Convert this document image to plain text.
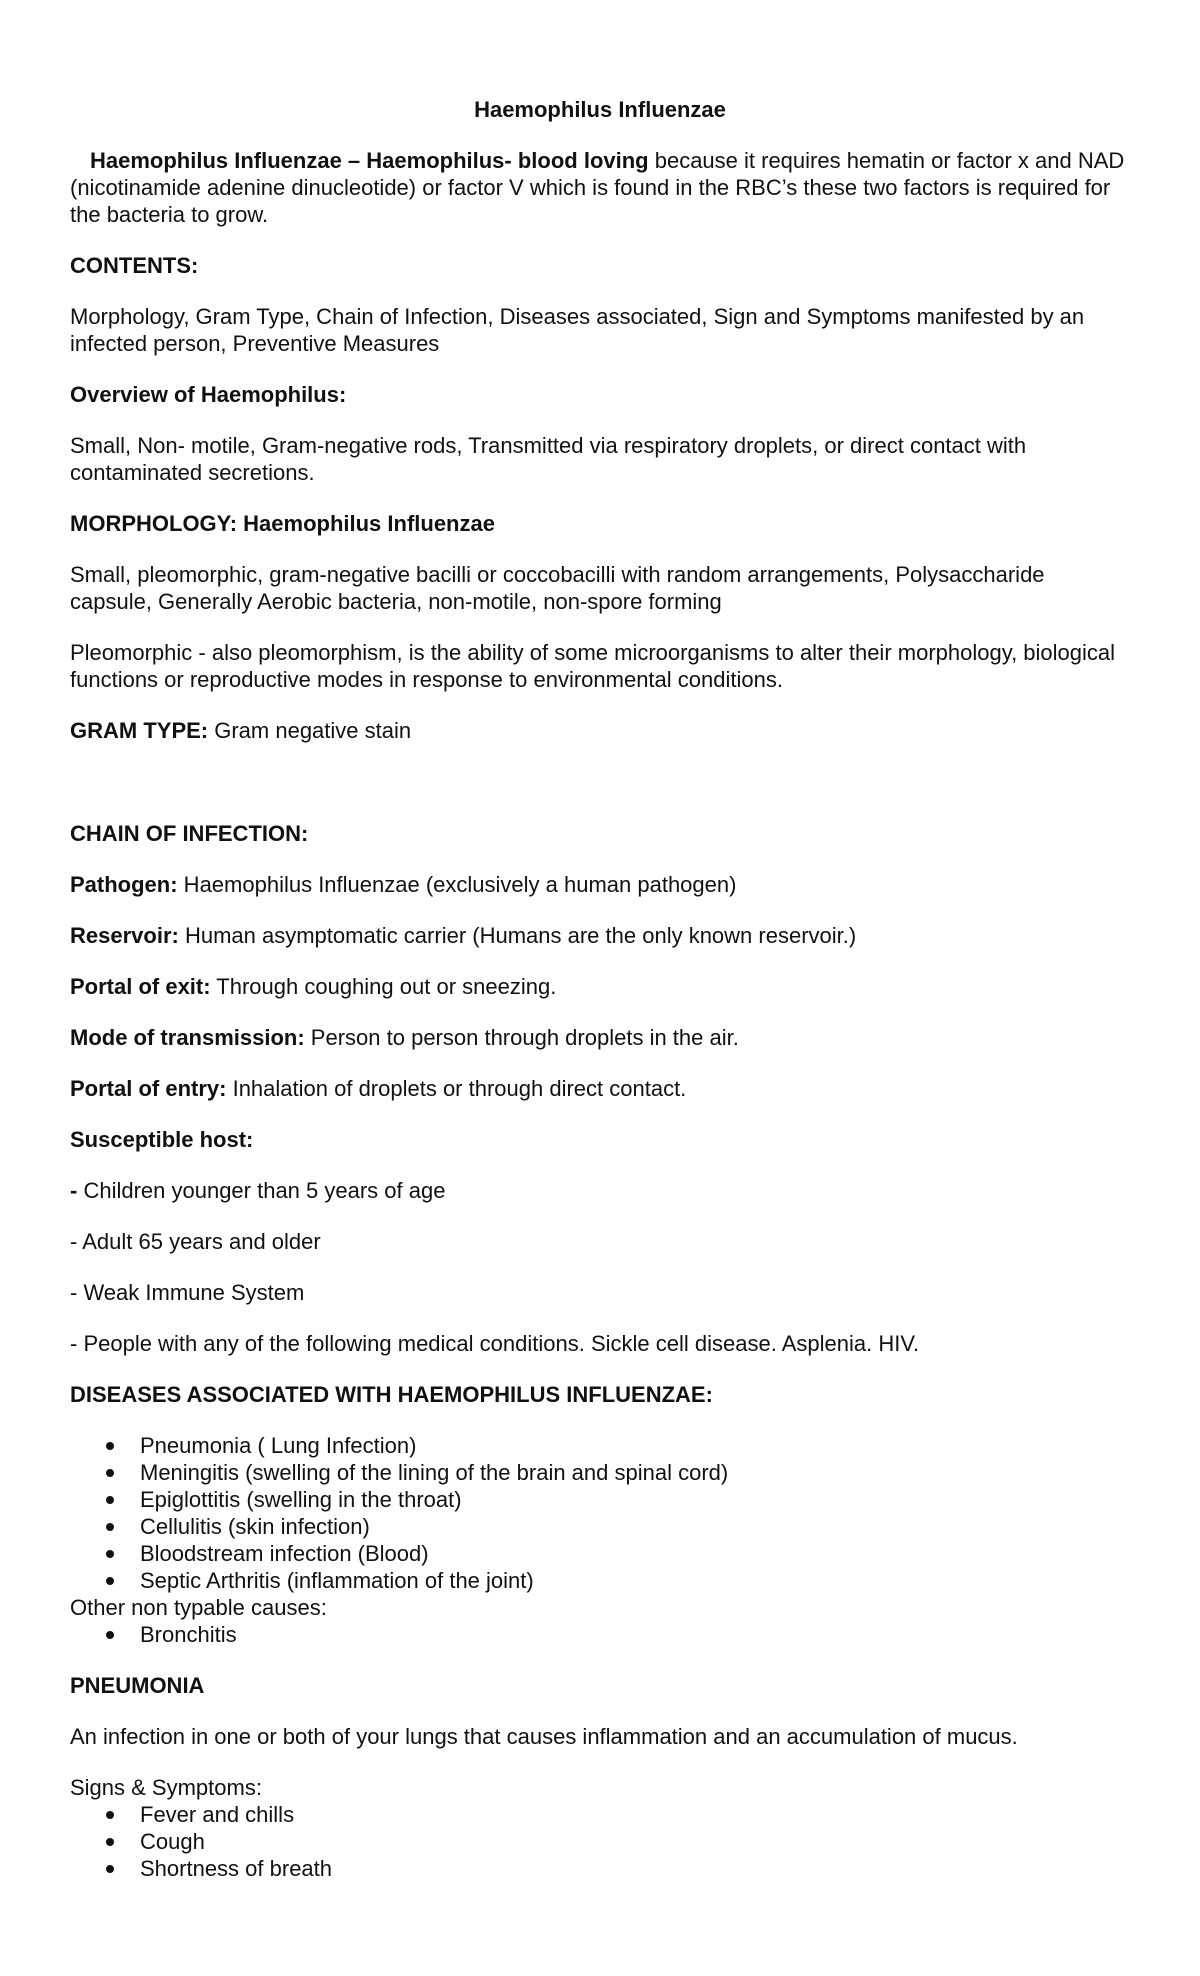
Haemophilus Influenzae

Haemophilus Influenzae – Haemophilus- blood loving because it requires hematin or factor x and NAD (nicotinamide adenine dinucleotide) or factor V which is found in the RBC’s these two factors is required for the bacteria to grow.

CONTENTS:

Morphology, Gram Type, Chain of Infection, Diseases associated, Sign and Symptoms manifested by an infected person, Preventive Measures

Overview of Haemophilus:

Small, Non- motile, Gram-negative rods, Transmitted via respiratory droplets, or direct contact with contaminated secretions.

MORPHOLOGY: Haemophilus Influenzae

Small, pleomorphic, gram-negative bacilli or coccobacilli with random arrangements, Polysaccharide capsule, Generally Aerobic bacteria, non-motile, non-spore forming

Pleomorphic - also pleomorphism, is the ability of some microorganisms to alter their morphology, biological functions or reproductive modes in response to environmental conditions.

GRAM TYPE: Gram negative stain

CHAIN OF INFECTION:

Pathogen: Haemophilus Influenzae (exclusively a human pathogen)

Reservoir: Human asymptomatic carrier (Humans are the only known reservoir.)

Portal of exit: Through coughing out or sneezing.

Mode of transmission: Person to person through droplets in the air.

Portal of entry: Inhalation of droplets or through direct contact.

Susceptible host:

- Children younger than 5 years of age

- Adult 65 years and older

- Weak Immune System

- People with any of the following medical conditions. Sickle cell disease. Asplenia. HIV.

DISEASES ASSOCIATED WITH HAEMOPHILUS INFLUENZAE:

Pneumonia ( Lung Infection)
Meningitis (swelling of the lining of the brain and spinal cord)
Epiglottitis (swelling in the throat)
Cellulitis (skin infection)
Bloodstream infection (Blood)
Septic Arthritis (inflammation of the joint)

Other non typable causes:

Bronchitis

PNEUMONIA

An infection in one or both of your lungs that causes inflammation and an accumulation of mucus.

Signs & Symptoms:

Fever and chills
Cough
Shortness of breath
